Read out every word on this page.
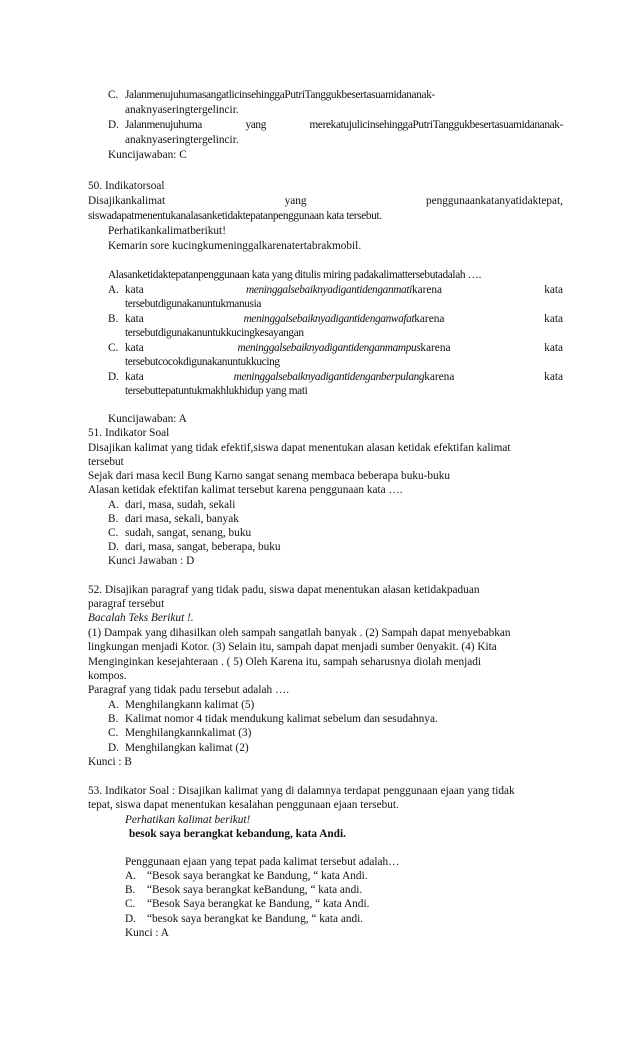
C. JalanmenujuhumasangatlicinsehinggaPutriTanggukbesertasuamidananak-
anaknyaseringtergelincir.
D. Jalanmenujuhuma	yang	merekatujulicinsehinggaPutriTanggukbesertasuamidananak-
anaknyaseringtergelincir.
Kuncijawaban: C
50. Indikatorsoal
Disajikankalimat	yang	penggunaankatanyatidaktepat,
siswadapatmenentukanalasanketidaktepatanpenggunaan kata tersebut.
Perhatikankalimatberikut!
Kemarin sore kucingkumeninggalkarenatertabrakmobil.
Alasanketidaktepatanpenggunaan kata yang ditulis miring padakalimattersebutadalah ….
A. kata	meninggalsebaiknyadigantidenganmatikarena	kata
tersebutdigunakanuntukmanusia
B. kata	meninggalsebaiknyadigantidenganwafatkarena	kata
tersebutdigunakanuntukkucingkesayangan
C. kata	meninggalsebaiknyadigantidenganmampuskarena	kata
tersebutcocokdigunakanuntukkucing
D. kata	meninggalsebaiknyadigantidenganberpulangkarena	kata
tersebuttepatuntukmakhlukhidup yang mati
Kuncijawaban: A
51. Indikator Soal
Disajikan kalimat yang tidak efektif,siswa dapat menentukan alasan ketidak efektifan kalimat
tersebut
Sejak dari masa kecil Bung Karno sangat senang membaca beberapa buku-buku
Alasan ketidak efektifan kalimat tersebut karena penggunaan kata ….
A. dari, masa, sudah, sekali
B. dari masa, sekali, banyak
C. sudah, sangat, senang, buku
D. dari, masa, sangat, beberapa, buku
Kunci Jawaban : D
52. Disajikan paragraf yang tidak padu, siswa dapat menentukan alasan ketidakpaduan
paragraf tersebut
Bacalah Teks Berikut !.
(1) Dampak yang dihasilkan oleh sampah sangatlah banyak . (2) Sampah dapat menyebabkan
lingkungan menjadi Kotor. (3) Selain itu, sampah dapat menjadi sumber 0enyakit. (4) Kita
Menginginkan kesejahteraan . ( 5) Oleh Karena itu, sampah seharusnya diolah menjadi
kompos.
Paragraf yang tidak padu tersebut adalah ….
A. Menghilangkann kalimat (5)
B. Kalimat nomor 4 tidak mendukung kalimat sebelum dan sesudahnya.
C. Menghilangkannkalimat (3)
D. Menghilangkan kalimat (2)
Kunci : B
53. Indikator Soal : Disajikan kalimat yang di dalamnya terdapat penggunaan ejaan yang tidak
tepat, siswa dapat menentukan kesalahan penggunaan ejaan tersebut.
Perhatikan kalimat berikut!
besok saya berangkat kebandung, kata Andi.
Penggunaan ejaan yang tepat pada kalimat tersebut adalah…
A. “Besok saya berangkat ke Bandung, “ kata Andi.
B. “Besok saya berangkat keBandung, “ kata andi.
C. “Besok Saya berangkat ke Bandung, “ kata Andi.
D. “besok saya berangkat ke Bandung, “ kata andi.
Kunci : A
